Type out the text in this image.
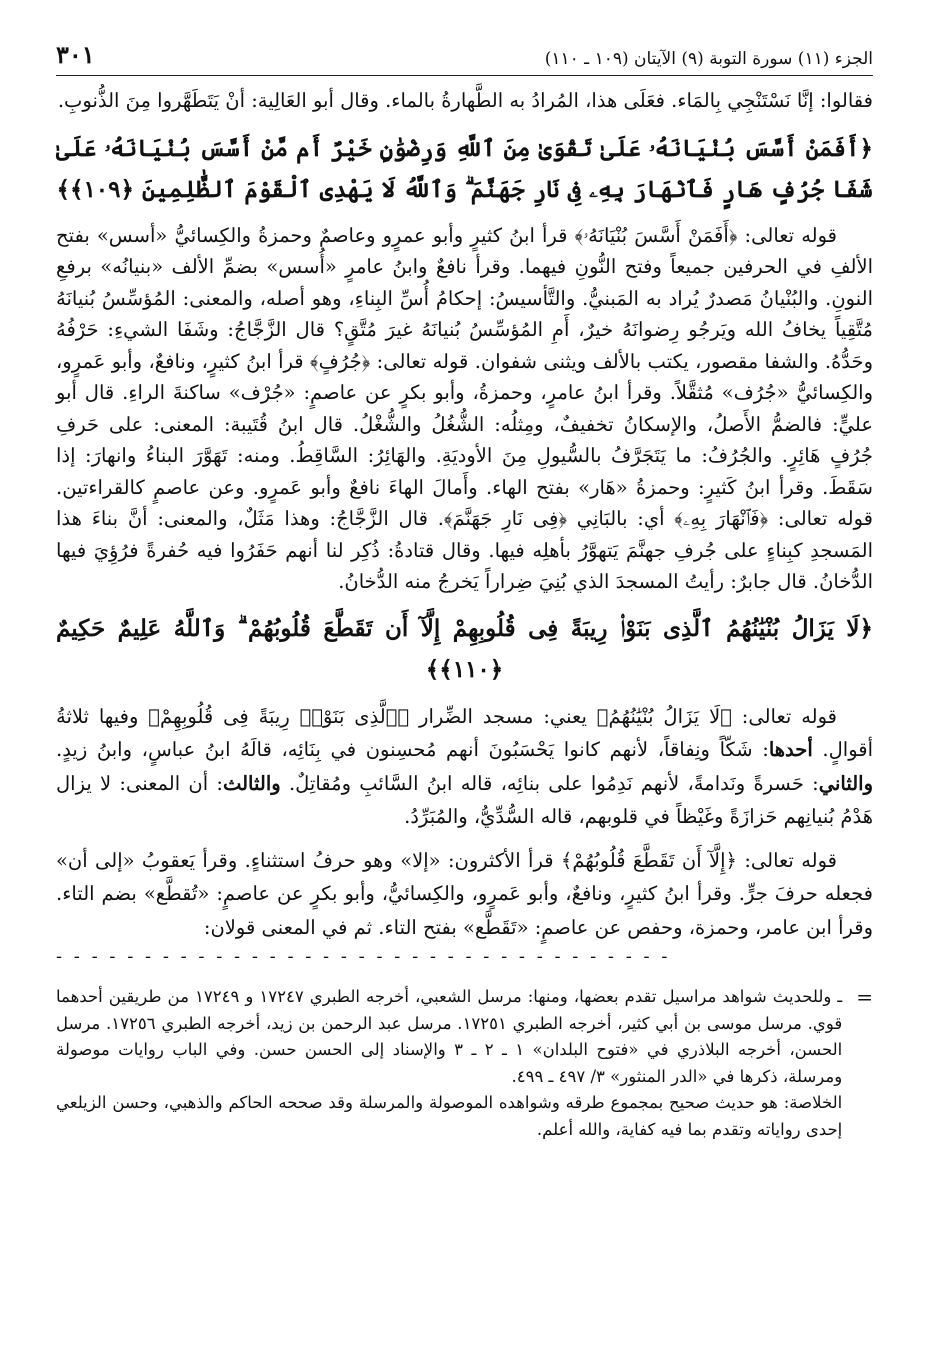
الجزء (١١) سورة التوبة (٩) الآيتان (١٠٩ ـ ١١٠)
٣٠١

فقالوا: إنَّا نَسْتَنْجِي بِالمَاء. فعَلَى هذا، المُرادُ به الطَّهارةُ بالماء. وقال أبو العَالِية: أنْ يَتَطَهَّروا مِنَ الذُّنوبِ.

﴿أَفَمَنْ أَسَّسَ بُنْيَانَهُۥ عَلَىٰ تَقْوَىٰ مِنَ ٱللَّهِ وَرِضْوَٰنٍ خَيْرٌ أَم مَّنْ أَسَّسَ بُنْيَانَهُۥ عَلَىٰ شَفَا جُرُفٍ هَارٍ فَٱنْهَارَ بِهِۦ فِى نَارِ جَهَنَّمَ ۗ وَٱللَّهُ لَا يَهْدِى ٱلْقَوْمَ ٱلظَّٰلِمِينَ ﴿١٠٩﴾﴾

قوله تعالى: ﴿أَفَمَنْ أَسَّسَ بُنْيَانَهُۥ﴾ قرأ ابنُ كثيرٍ وأبو عمرٍو وعاصمٌ وحمزةُ والكِسائيُّ «أسس» بفتح الألفِ في الحرفين جميعاً وفتح النُّونِ فيهما. وقرأ نافعٌ وابنُ عامرٍ «أُسس» بضمِّ الألف «بنيانُه» برفعِ النونِ. والبُنْيانُ مَصدرٌ يُراد به المَبنيُّ. والتَّأسيسُ: إحكامُ أُسِّ البِناءِ، وهو أصله، والمعنى: المُؤسِّسُ بُنيانَهُ مُتَّقِياً يخافُ الله ويَرجُو رِضوانَهُ خيرٌ، أَمِ المُؤسِّسُ بُنيانَهُ غيرَ مُتَّقٍ؟ قال الزَّجَّاجُ: وشَفَا الشيءِ: حَرْفُهُ وحَدُّهُ. والشفا مقصور، يكتب بالألف ويثنى شفوان. قوله تعالى: ﴿جُرُفٍ﴾ قرأ ابنُ كثيرٍ، ونافعٌ، وأبو عَمرٍو، والكِسائيُّ «جُرُف» مُثقَّلاً. وقرأ ابنُ عامرٍ، وحمزةُ، وأبو بكرٍ عن عاصمٍ: «جُرْف» ساكنةَ الراءِ. قال أبو عليٍّ: فالضمُّ الأَصلُ، والإسكانُ تخفيفٌ، ومِثلُه: الشُّغُلُ والشُّغْلُ. قال ابنُ قُتَيبة: المعنى: على حَرفِ جُرُفٍ هَائِرٍ. والجُرُفُ: ما يَتَجَرَّفُ بالسُّيولِ مِنَ الأوديَةِ. والهَائِرُ: السَّاقِطُ. ومنه: تَهَوَّرَ البناءُ وانهارَ: إذا سَقَطَ. وقرأ ابنُ كَثيرٍ: وحمزةُ «هَار» بفتح الهاء. وأَمالَ الهاءَ نافعٌ وأبو عَمرٍو. وعن عاصمٍ كالقراءتين. قوله تعالى: ﴿فَٱنْهَارَ بِهِۦ﴾ أي: بالبَانِي ﴿فِى نَارِ جَهَنَّمَ﴾. قال الزَّجَّاجُ: وهذا مَثَلٌ، والمعنى: أنَّ بناءَ هذا المَسجدِ كبِناءٍ على جُرفِ جهنَّمَ يَتهوَّرُ بأهلِه فيها. وقال قتادةُ: ذُكِر لنا أنهم حَفَرُوا فيه حُفرةً فرُؤِيَ فيها الدُّخانُ. قال جابرٌ: رأيتُ المسجدَ الذي بُنِيَ ضِراراً يَخرجُ منه الدُّخانُ.

﴿لَا يَزَالُ بُنْيَٰنُهُمُ ٱلَّذِى بَنَوْا۟ رِيبَةً فِى قُلُوبِهِمْ إِلَّآ أَن تَقَطَّعَ قُلُوبُهُمْ ۗ وَٱللَّهُ عَلِيمٌ حَكِيمٌ ﴿١١٠﴾﴾

قوله تعالى: ﴿لَا يَزَالُ بُنْيَٰنُهُمُ﴾ يعني: مسجد الضِّرار ﴿ٱلَّذِى بَنَوْا۟ رِيبَةً فِى قُلُوبِهِمْ﴾ وفيها ثلاثةُ أقوالٍ. أحدها: شَكّاً ونِفاقاً، لأنهم كانوا يَحْسَبُونَ أنهم مُحسِنون في بِنَائِه، قالَهُ ابنُ عباسٍ، وابنُ زيدٍ. والثاني: حَسرةً ونَدامةً، لأنهم نَدِمُوا على بنائِه، قاله ابنُ السَّائبِ ومُقاتِلٌ. والثالث: أن المعنى: لا يزال هَدْمُ بُنيانِهم حَزازَةً وغَيْظاً في قلوبهم، قاله السُّدِّيُّ، والمُبَرِّدُ.

قوله تعالى: ﴿إِلَّآ أَن تَقَطَّعَ قُلُوبُهُمْ﴾ قرأ الأكثرون: «إلا» وهو حرفُ استثناءٍ. وقرأ يَعقوبُ «إلى أن» فجعله حرفَ جرٍّ. وقرأ ابنُ كثيرٍ، ونافعٌ، وأبو عَمرٍو، والكِسائيُّ، وأبو بكرٍ عن عاصمٍ: «تُقطَّع» بضم التاء. وقرأ ابن عامر، وحمزة، وحفص عن عاصمٍ: «تَقَطَّع» بفتح التاء. ثم في المعنى قولان:

- - - - - - - - - - - - - - - - - - - - - - - - - - - - - - - - - - -
=

ـ وللحديث شواهد مراسيل تقدم بعضها، ومنها: مرسل الشعبي، أخرجه الطبري ١٧٢٤٧ و ١٧٢٤٩ من طريقين أحدهما قوي. مرسل موسى بن أبي كثير، أخرجه الطبري ١٧٢٥١. مرسل عبد الرحمن بن زيد، أخرجه الطبري ١٧٢٥٦. مرسل الحسن، أخرجه البلاذري في «فتوح البلدان» ١ ـ ٢ ـ ٣ والإسناد إلى الحسن حسن. وفي الباب روايات موصولة ومرسلة، ذكرها في «الدر المنثور» ٣/ ٤٩٧ ـ ٤٩٩.

الخلاصة: هو حديث صحيح بمجموع طرقه وشواهده الموصولة والمرسلة وقد صححه الحاكم والذهبي، وحسن الزيلعي إحدى رواياته وتقدم بما فيه كفاية، والله أعلم.
